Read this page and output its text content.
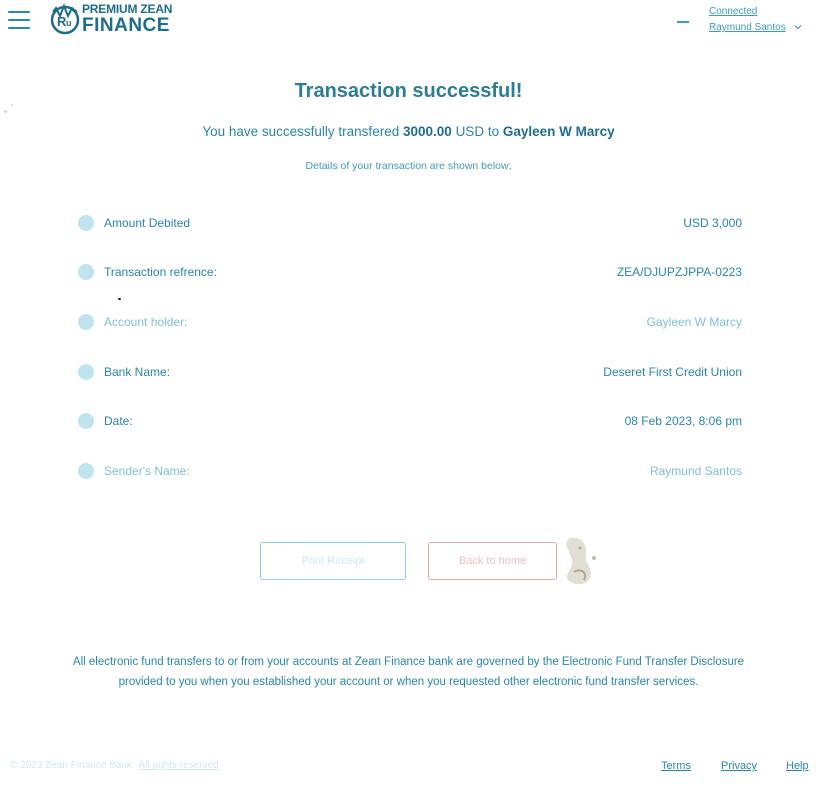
R u
PREMIUM ZEAN
FINANCE
Connected
Raymund Santos
Transaction successful!
You have successfully transfered 3000.00 USD to Gayleen W Marcy
Details of your transaction are shown below;
Amount Debited	USD 3,000
Transaction refrence:	ZEA/DJUPZJPPA-0223
Account holder:	Gayleen W Marcy
Bank Name:	Deseret First Credit Union
Date:	08 Feb 2023, 8:06 pm
Sender's Name:	Raymund Santos
Print Receipt	Back to home
All electronic fund transfers to or from your accounts at Zean Finance bank are governed by the Electronic Fund Transfer Disclosure
provided to you when you established your account or when you requested other electronic fund transfer services.
© 2023 Zean Finance Bank All rights reserved	Terms	Privacy	Help
